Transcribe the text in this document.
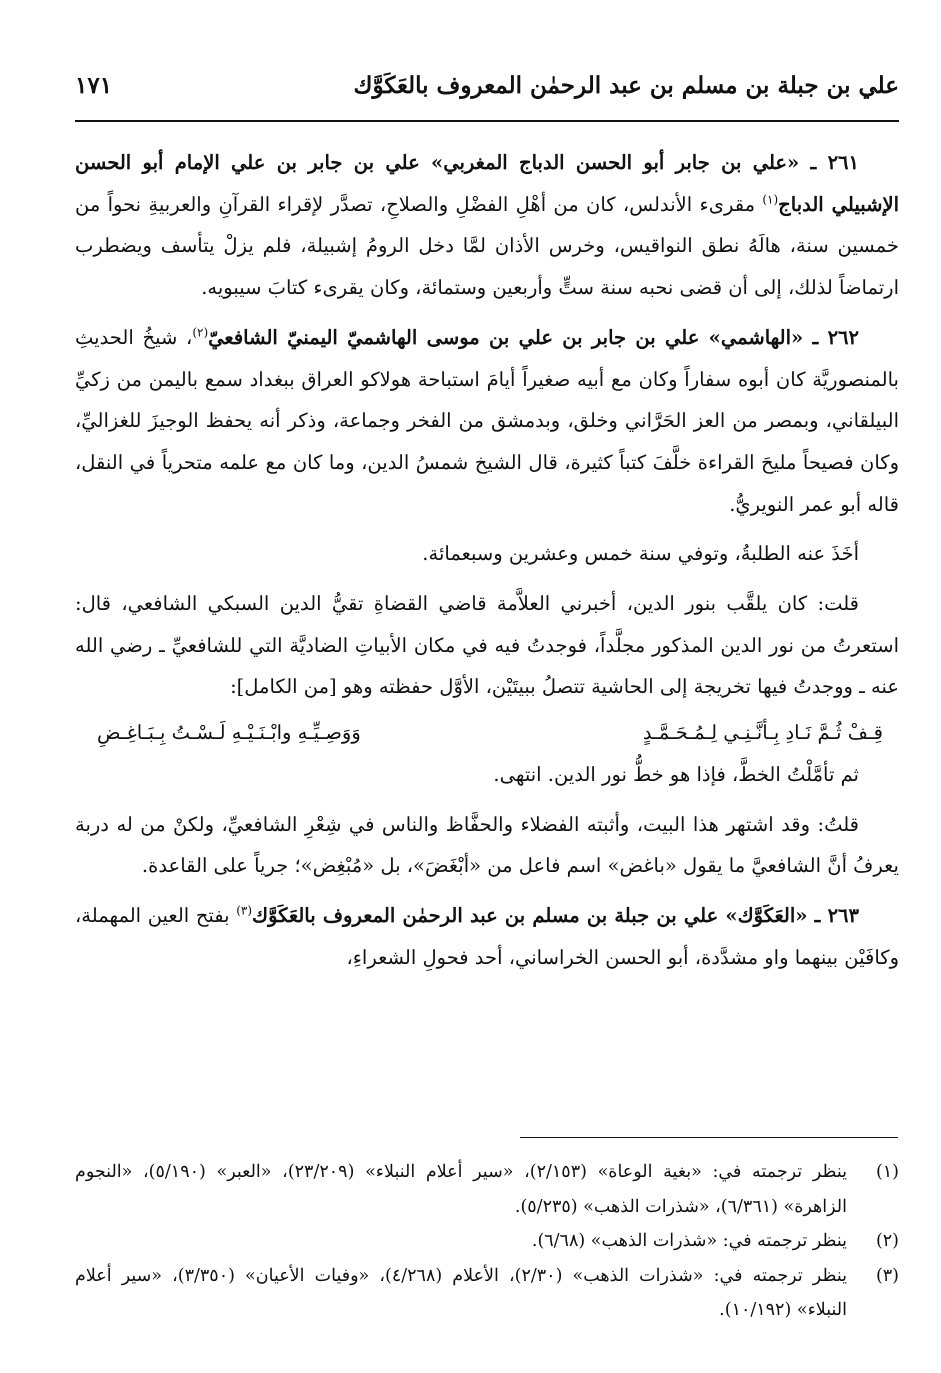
علي بن جبلة بن مسلم بن عبد الرحمٰن المعروف بالعَكَوَّك
١٧١

٢٦١ ـ «علي بن جابر أبو الحسن الدباج المغربي» علي بن جابر بن علي الإمام أبو الحسن الإشبيلي الدباج$^{(١)}$ مقرىء الأندلس، كان من أهْلِ الفضْلِ والصلاحِ، تصدَّر لإقراء القرآنِ والعربيةِ نحواً من خمسين سنة، هالَهُ نطق النواقيس، وخرس الأذان لمَّا دخل الرومُ إشبيلة، فلم يزلْ يتأسف ويضطرب ارتماضاً لذلك، إلى أن قضى نحبه سنة ستٍّ وأربعين وستمائة، وكان يقرىء كتابَ سيبويه.

٢٦٢ ـ «الهاشمي» علي بن جابر بن علي بن موسى الهاشميّ اليمنيّ الشافعيّ$^{(٢)}$، شيخُ الحديثِ بالمنصوريَّة كان أبوه سفاراً وكان مع أبيه صغيراً أيامَ استباحة هولاكو العراق ببغداد سمع باليمن من زكيِّ البيلقاني، وبمصر من العز الحَرَّاني وخلق، وبدمشق من الفخر وجماعة، وذكر أنه يحفظ الوجيزَ للغزاليِّ، وكان فصيحاً مليحَ القراءة خلَّفَ كتباً كثيرة، قال الشيخ شمسُ الدين، وما كان مع علمه متحرياً في النقل، قاله أبو عمر النويريُّ.

أخَذَ عنه الطلبةُ، وتوفي سنة خمس وعشرين وسبعمائة.

قلت: كان يلقَّب بنور الدين، أخبرني العلاَّمة قاضي القضاةِ تقيُّ الدين السبكي الشافعي، قال: استعرتُ من نور الدين المذكور مجلَّداً، فوجدتُ فيه في مكان الأبياتِ الضاديَّة التي للشافعيِّ ـ رضي الله عنه ـ ووجدتُ فيها تخريجة إلى الحاشية تتصلُ ببيتَيْن، الأوَّل حفظته وهو [من الكامل]:

قِـفْ ثُـمَّ نَـادِ بِـأنَّـنِـي لِـمُـحَـمَّـدٍ
وَوَصِـيِّـهِ وابْـنَـيْـهِ لَـسْـتُ بِـبَـاغِـضِ

ثم تأمَّلْتُ الخطَّ، فإذا هو خطُّ نور الدين. انتهى.

قلتُ: وقد اشتهر هذا البيت، وأثبته الفضلاء والحفَّاظ والناس في شِعْرِ الشافعيِّ، ولكنْ من له دربة يعرفُ أنَّ الشافعيَّ ما يقول «باغض» اسم فاعل من «أبْغَضَ»، بل «مُبْغِض»؛ جرياً على القاعدة.

٢٦٣ ـ «العَكَوَّك» علي بن جبلة بن مسلم بن عبد الرحمٰن المعروف بالعَكَوَّك$^{(٣)}$ بفتح العين المهملة، وكافَيْن بينهما واو مشدَّدة، أبو الحسن الخراساني، أحد فحولِ الشعراءِ،

(١)
ينظر ترجمته في: «بغية الوعاة» (٢/١٥٣)، «سير أعلام النبلاء» (٢٣/٢٠٩)، «العبر» (٥/١٩٠)، «النجوم الزاهرة» (٦/٣٦١)، «شذرات الذهب» (٥/٢٣٥).
(٢)
ينظر ترجمته في: «شذرات الذهب» (٦/٦٨).
(٣)
ينظر ترجمته في: «شذرات الذهب» (٢/٣٠)، الأعلام (٤/٢٦٨)، «وفيات الأعيان» (٣/٣٥٠)، «سير أعلام النبلاء» (١٠/١٩٢).
